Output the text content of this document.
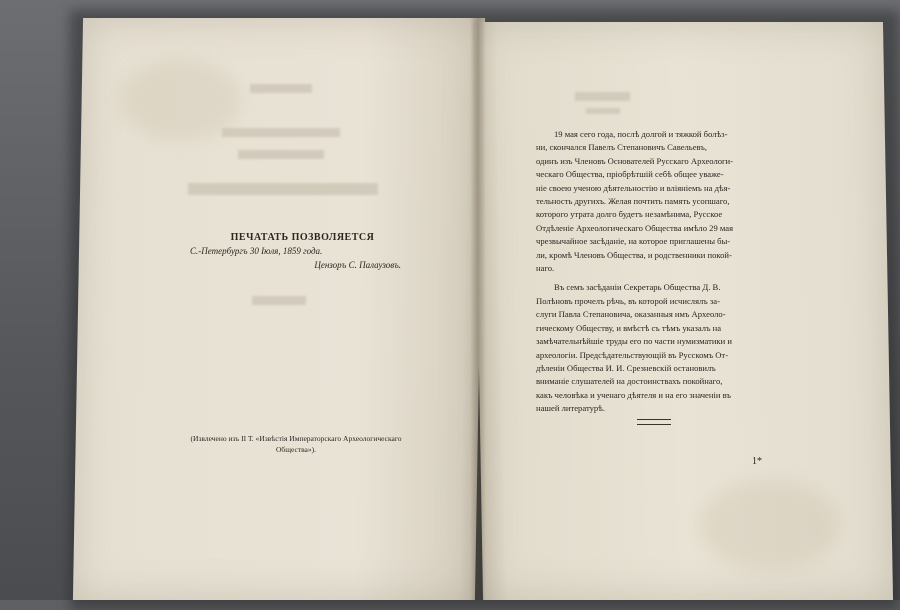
ПЕЧАТАТЬ ПОЗВОЛЯЕТСЯ
С.-Петербургъ 30 Іюля, 1859 года.
Цензоръ С. Палаузовъ.
(Извлечено изъ II Т. «Извѣстія Императорскаго Археологическаго Общества»).

19 мая сего года, послѣ долгой и тяжкой болѣз-
ни, скончался Павелъ Степановичъ Савельевъ,
одинъ изъ Членовъ Основателей Русскаго Археологи-
ческаго Общества, пріобрѣтшій себѣ общее уваже-
ніе своею ученою дѣятельностію и вліяніемъ на дѣя-
тельность другихъ. Желая почтить память усопшаго,
которого утрата долго будетъ незамѣнима, Русское
Отдѣленіе Археологическаго Общества имѣло 29 мая
чрезвычайное засѣданіе, на которое приглашены бы-
ли, кромѣ Членовъ Общества, и родственники покой-
наго.

Въ семъ засѣданіи Секретарь Общества Д. В.
Полѣновъ прочелъ рѣчь, въ которой исчислялъ за-
слуги Павла Степановича, оказанныя имъ Археоло-
гическому Обществу, и вмѣстѣ съ тѣмъ указалъ на
замѣчательнѣйшіе труды его по части нумизматики и
археологіи. Предсѣдательствующій въ Русскомъ От-
дѣленіи Общества И. И. Срезневскій остановилъ
вниманіе слушателей на достоинствахъ покойнаго,
какъ человѣка и ученаго дѣятеля и на его значеніи въ
нашей литературѣ.

1*
